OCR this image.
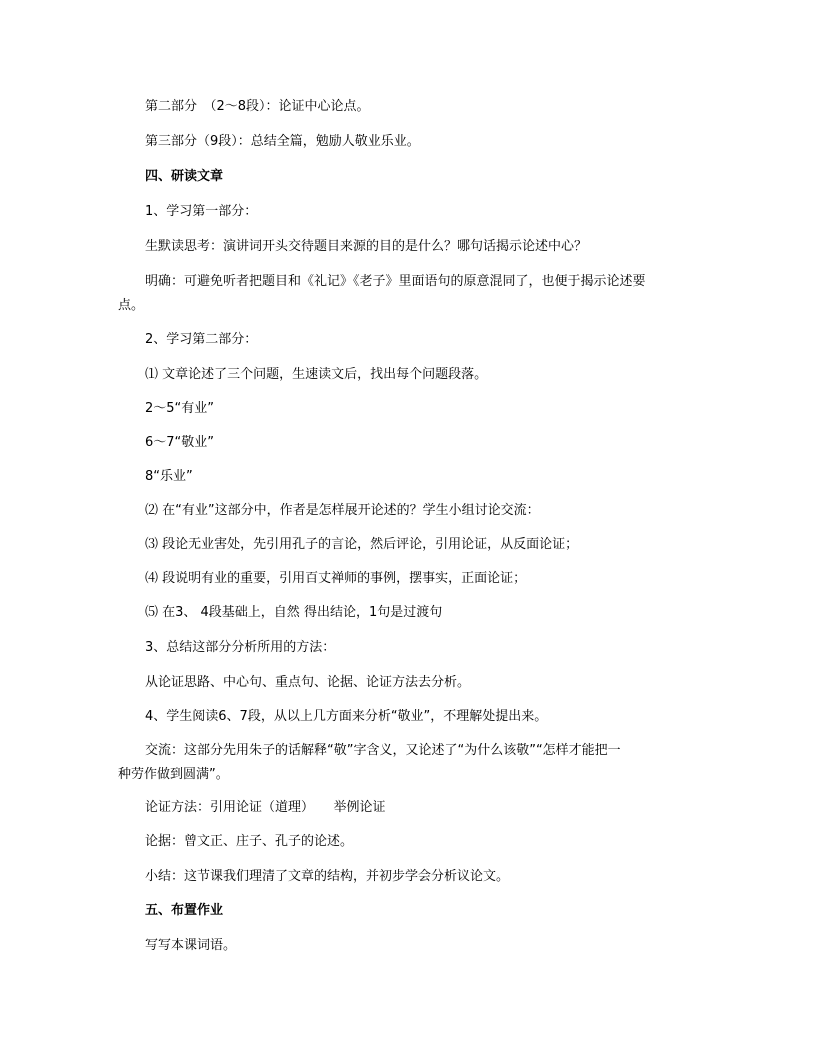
第二部分　（2～8段）：论证中心论点。
第三部分（9段）：总结全篇，勉励人敬业乐业。
四、研读文章
1、学习第一部分：
生默读思考：演讲词开头交待题目来源的目的是什么？哪句话揭示论述中心？
明确：可避免听者把题目和《礼记》《老子》里面语句的原意混同了，也便于揭示论述要
点。
2、学习第二部分：
⑴ 文章论述了三个问题，生速读文后，找出每个问题段落。
2～5“有业”
6～7“敬业”
8“乐业”
⑵ 在“有业”这部分中，作者是怎样展开论述的？学生小组讨论交流：
⑶ 段论无业害处，先引用孔子的言论，然后评论，引用论证，从反面论证；
⑷ 段说明有业的重要，引用百丈禅师的事例，摆事实，正面论证；
⑸ 在3、 4段基础上，自然 得出结论，1句是过渡句
3、总结这部分分析所用的方法：
从论证思路、中心句、重点句、论据、论证方法去分析。
4、学生阅读6、7段，从以上几方面来分析“敬业”，不理解处提出来。
交流：这部分先用朱子的话解释“敬”字含义，又论述了“为什么该敬”“怎样才能把一
种劳作做到圆满”。
论证方法：引用论证（道理）　　举例论证
论据：曾文正、庄子、孔子的论述。
小结：这节课我们理清了文章的结构，并初步学会分析议论文。
五、布置作业
写写本课词语。
